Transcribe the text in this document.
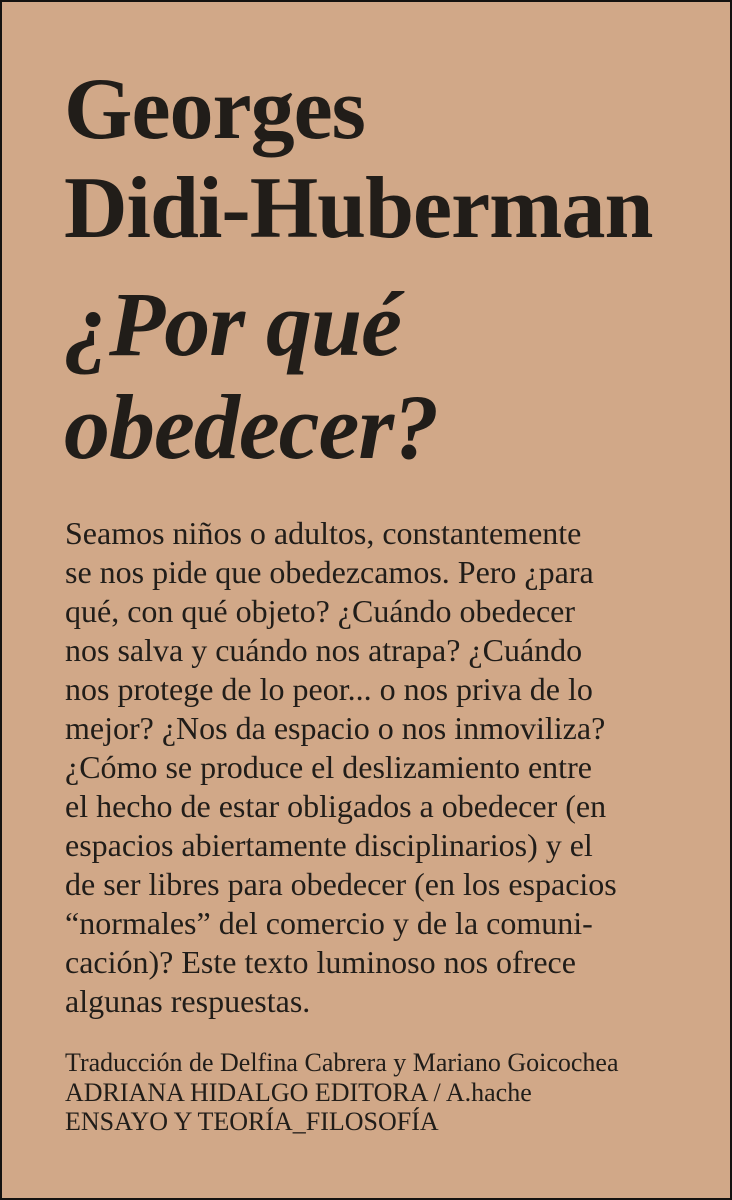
Georges
Didi-Huberman
¿Por qué
obedecer?
Seamos niños o adultos, constantemente
se nos pide que obedezcamos. Pero ¿para
qué, con qué objeto? ¿Cuándo obedecer
nos salva y cuándo nos atrapa? ¿Cuándo
nos protege de lo peor... o nos priva de lo
mejor? ¿Nos da espacio o nos inmoviliza?
¿Cómo se produce el deslizamiento entre
el hecho de estar obligados a obedecer (en
espacios abiertamente disciplinarios) y el
de ser libres para obedecer (en los espacios
“normales” del comercio y de la comuni-
cación)? Este texto luminoso nos ofrece
algunas respuestas.
Traducción de Delfina Cabrera y Mariano Goicochea
ADRIANA HIDALGO EDITORA / A.hache
ENSAYO Y TEORÍA_FILOSOFÍA
